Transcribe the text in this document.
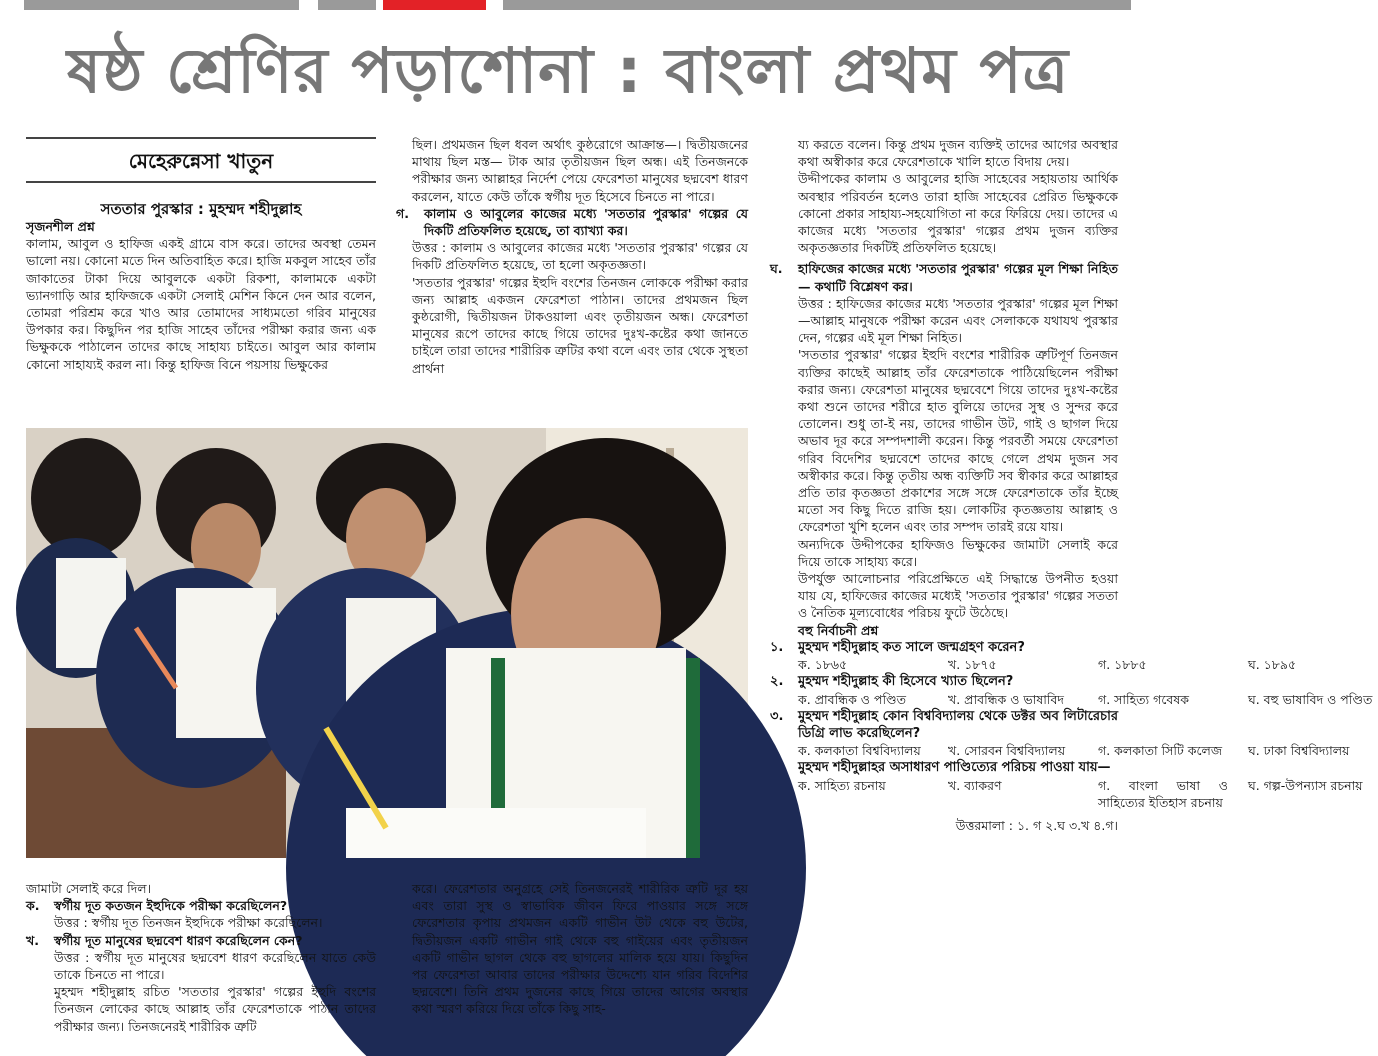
ষষ্ঠ শ্রেণির পড়াশোনা : বাংলা প্রথম পত্র
মেহেরুন্নেসা খাতুন
সততার পুরস্কার : মুহম্মদ শহীদুল্লাহ

সৃজনশীল প্রশ্ন

কালাম, আবুল ও হাফিজ একই গ্রামে বাস করে। তাদের অবস্থা তেমন ভালো নয়। কোনো মতে দিন অতিবাহিত করে। হাজি মকবুল সাহেব তাঁর জাকাতের টাকা দিয়ে আবুলকে একটা রিকশা, কালামকে একটা ভ্যানগাড়ি আর হাফিজকে একটা সেলাই মেশিন কিনে দেন আর বলেন, তোমরা পরিশ্রম করে খাও আর তোমাদের সাধ্যমতো গরিব মানুষের উপকার কর। কিছুদিন পর হাজি সাহেব তাঁদের পরীক্ষা করার জন্য এক ভিক্ষুককে পাঠালেন তাদের কাছে সাহায্য চাইতে। আবুল আর কালাম কোনো সাহায্যই করল না। কিন্তু হাফিজ বিনে পয়সায় ভিক্ষুকের

ছিল। প্রথমজন ছিল ধবল অর্থাৎ কুষ্ঠরোগে আক্রান্ত—। দ্বিতীয়জনের মাথায় ছিল মস্ত— টাক আর তৃতীয়জন ছিল অন্ধ। এই তিনজনকে পরীক্ষার জন্য আল্লাহর নির্দেশ পেয়ে ফেরেশতা মানুষের ছদ্মবেশ ধারণ করলেন, যাতে কেউ তাঁকে স্বর্গীয় দূত হিসেবে চিনতে না পারে।

গ.	কালাম ও আবুলের কাজের মধ্যে 'সততার পুরস্কার' গল্পের যে দিকটি প্রতিফলিত হয়েছে, তা ব্যাখ্যা কর।

উত্তর : কালাম ও আবুলের কাজের মধ্যে 'সততার পুরস্কার' গল্পের যে দিকটি প্রতিফলিত হয়েছে, তা হলো অকৃতজ্ঞতা।

'সততার পুরস্কার' গল্পের ইহুদি বংশের তিনজন লোককে পরীক্ষা করার জন্য আল্লাহ একজন ফেরেশতা পাঠান। তাদের প্রথমজন ছিল কুষ্ঠরোগী, দ্বিতীয়জন টাকওয়ালা এবং তৃতীয়জন অন্ধ। ফেরেশতা মানুষের রূপে তাদের কাছে গিয়ে তাদের দুঃখ-কষ্টের কথা জানতে চাইলে তারা তাদের শারীরিক ত্রুটির কথা বলে এবং তার থেকে সুস্থতা প্রার্থনা

য্য করতে বলেন। কিন্তু প্রথম দুজন ব্যক্তিই তাদের আগের অবস্থার কথা অস্বীকার করে ফেরেশতাকে খালি হাতে বিদায় দেয়।

উদ্দীপকের কালাম ও আবুলের হাজি সাহেবের সহায়তায় আর্থিক অবস্থার পরিবর্তন হলেও তারা হাজি সাহেবের প্রেরিত ভিক্ষুককে কোনো প্রকার সাহায্য-সহযোগিতা না করে ফিরিয়ে দেয়। তাদের এ কাজের মধ্যে 'সততার পুরস্কার' গল্পের প্রথম দুজন ব্যক্তির অকৃতজ্ঞতার দিকটিই প্রতিফলিত হয়েছে।

ঘ.	হাফিজের কাজের মধ্যে 'সততার পুরস্কার' গল্পের মূল শিক্ষা নিহিত— কথাটি বিশ্লেষণ কর।

উত্তর : হাফিজের কাজের মধ্যে 'সততার পুরস্কার' গল্পের মূল শিক্ষা—আল্লাহ মানুষকে পরীক্ষা করেন এবং সেলাককে যথাযথ পুরস্কার দেন, গল্পের এই মূল শিক্ষা নিহিত।

'সততার পুরস্কার' গল্পের ইহুদি বংশের শারীরিক ত্রুটিপূর্ণ তিনজন ব্যক্তির কাছেই আল্লাহ তাঁর ফেরেশতাকে পাঠিয়েছিলেন পরীক্ষা করার জন্য। ফেরেশতা মানুষের ছদ্মবেশে গিয়ে তাদের দুঃখ-কষ্টের কথা শুনে তাদের শরীরে হাত বুলিয়ে তাদের সুস্থ ও সুন্দর করে তোলেন। শুধু তা-ই নয়, তাদের গাভীন উট, গাই ও ছাগল দিয়ে অভাব দূর করে সম্পদশালী করেন। কিন্তু পরবর্তী সময়ে ফেরেশতা গরিব বিদেশির ছদ্মবেশে তাদের কাছে গেলে প্রথম দুজন সব অস্বীকার করে। কিন্তু তৃতীয় অন্ধ ব্যক্তিটি সব স্বীকার করে আল্লাহর প্রতি তার কৃতজ্ঞতা প্রকাশের সঙ্গে সঙ্গে ফেরেশতাকে তাঁর ইচ্ছে মতো সব কিছু দিতে রাজি হয়। লোকটির কৃতজ্ঞতায় আল্লাহ ও ফেরেশতা খুশি হলেন এবং তার সম্পদ তারই রয়ে যায়।

অন্যদিকে উদ্দীপকের হাফিজও ভিক্ষুকের জামাটা সেলাই করে দিয়ে তাকে সাহায্য করে।

উপর্যুক্ত আলোচনার পরিপ্রেক্ষিতে এই সিদ্ধান্তে উপনীত হওয়া যায় যে, হাফিজের কাজের মধ্যেই 'সততার পুরস্কার' গল্পের সততা ও নৈতিক মূল্যবোধের পরিচয় ফুটে উঠেছে।

বহু নির্বাচনী প্রশ্ন

১.	মুহম্মদ শহীদুল্লাহ কত সালে জন্মগ্রহণ করেন?
ক. ১৮৬৫	খ. ১৮৭৫	গ. ১৮৮৫	ঘ. ১৮৯৫
২.	মুহম্মদ শহীদুল্লাহ কী হিসেবে খ্যাত ছিলেন?
ক. প্রাবন্ধিক ও পণ্ডিত	খ. প্রাবন্ধিক ও ভাষাবিদ	গ. সাহিত্য গবেষক	ঘ. বহু ভাষাবিদ ও পণ্ডিত
৩.	মুহম্মদ শহীদুল্লাহ কোন বিশ্ববিদ্যালয় থেকে ডক্টর অব লিটারেচার ডিগ্রি লাভ করেছিলেন?
ক. কলকাতা বিশ্ববিদ্যালয়	খ. সোরবন বিশ্ববিদ্যালয়	গ. কলকাতা সিটি কলেজ	ঘ. ঢাকা বিশ্ববিদ্যালয়
মুহম্মদ শহীদুল্লাহর অসাধারণ পাণ্ডিত্যের পরিচয় পাওয়া যায়—
ক. সাহিত্য রচনায়	খ. ব্যাকরণ	গ. বাংলা ভাষা ও সাহিত্যের ইতিহাস রচনায়
ঘ. গল্প-উপন্যাস রচনায়

উত্তরমালা : ১. গ ২.ঘ ৩.খ ৪.গ।

জামাটা সেলাই করে দিল।

ক.	স্বর্গীয় দূত কতজন ইহুদিকে পরীক্ষা করেছিলেন?

উত্তর : স্বর্গীয় দূত তিনজন ইহুদিকে পরীক্ষা করেছিলেন।

খ.	স্বর্গীয় দূত মানুষের ছদ্মবেশ ধারণ করেছিলেন কেন?

উত্তর : স্বর্গীয় দূত মানুষের ছদ্মবেশ ধারণ করেছিলেন যাতে কেউ তাকে চিনতে না পারে।

মুহম্মদ শহীদুল্লাহ রচিত 'সততার পুরস্কার' গল্পের ইহুদি বংশের তিনজন লোকের কাছে আল্লাহ তাঁর ফেরেশতাকে পাঠান তাদের পরীক্ষার জন্য। তিনজনেরই শারীরিক ত্রুটি

করে। ফেরেশতার অনুগ্রহে সেই তিনজনেরই শারীরিক ত্রুটি দূর হয় এবং তারা সুস্থ ও স্বাভাবিক জীবন ফিরে পাওয়ার সঙ্গে সঙ্গে ফেরেশতার কৃপায় প্রথমজন একটি গাভীন উট থেকে বহু উটের, দ্বিতীয়জন একটি গাভীন গাই থেকে বহু গাইয়ের এবং তৃতীয়জন একটি গাভীন ছাগল থেকে বহু ছাগলের মালিক হয়ে যায়। কিছুদিন পর ফেরেশতা আবার তাদের পরীক্ষার উদ্দেশ্যে যান গরিব বিদেশির ছদ্মবেশে। তিনি প্রথম দুজনের কাছে গিয়ে তাদের আগের অবস্থার কথা স্মরণ করিয়ে দিয়ে তাঁকে কিছু সাহ-
